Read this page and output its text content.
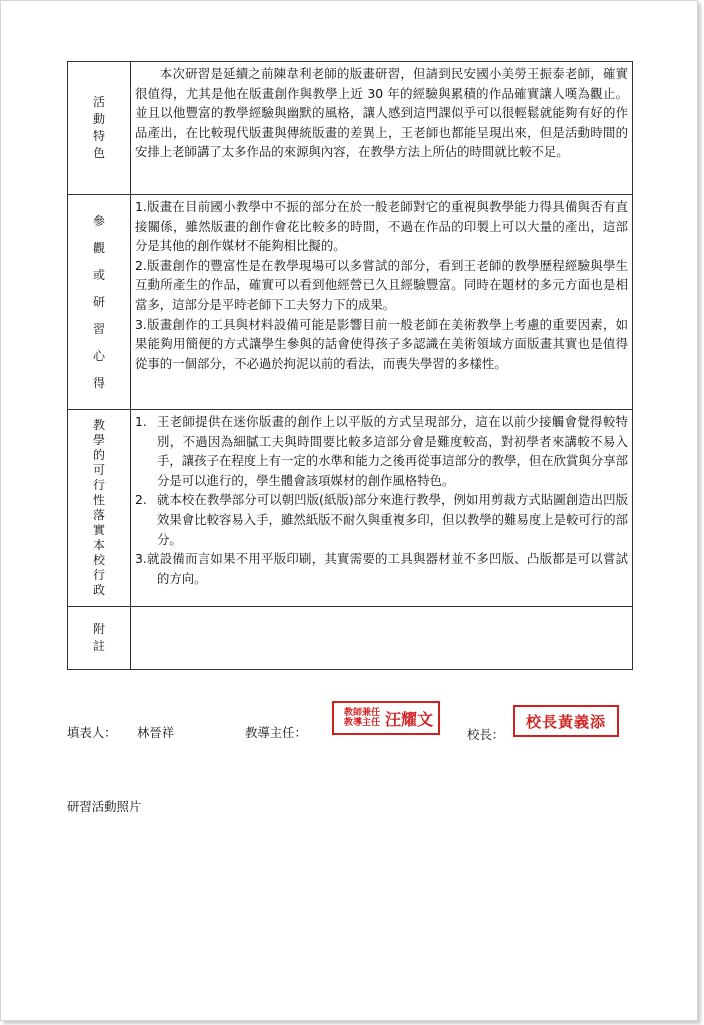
活動特色	本次研習是延續之前陳韋利老師的版畫研習，但請到民安國小美勞王振泰老師，確實很值得，尤其是他在版畫創作與教學上近 30 年的經驗與累積的作品確實讓人嘆為觀止。並且以他豐富的教學經驗與幽默的風格，讓人感到這門課似乎可以很輕鬆就能夠有好的作品產出，在比較現代版畫與傳統版畫的差異上，王老師也都能呈現出來，但是活動時間的安排上老師講了太多作品的來源與內容，在教學方法上所佔的時間就比較不足。

參觀或研習心得	1.版畫在目前國小教學中不振的部分在於一般老師對它的重視與教學能力得具備與否有直接關係，雖然版畫的創作會花比較多的時間，不過在作品的印製上可以大量的產出，這部分是其他的創作媒材不能夠相比擬的。

2.版畫創作的豐富性是在教學現場可以多嘗試的部分，看到王老師的教學歷程經驗與學生互動所產生的作品，確實可以看到他經營已久且經驗豐富。同時在題材的多元方面也是相當多，這部分是平時老師下工夫努力下的成果。

3.版畫創作的工具與材料設備可能是影響目前一般老師在美術教學上考慮的重要因素，如果能夠用簡便的方式讓學生參與的話會使得孩子多認識在美術領域方面版畫其實也是值得從事的一個部分，不必過於拘泥以前的看法，而喪失學習的多樣性。

教學的可行性落實本校行政	1. 王老師提供在迷你版畫的創作上以平版的方式呈現部分，這在以前少接觸會覺得較特別，不過因為細膩工夫與時間要比較多這部分會是難度較高，對初學者來講較不易入手，讓孩子在程度上有一定的水準和能力之後再從事這部分的教學，但在欣賞與分享部分是可以進行的，學生體會該項媒材的創作風格特色。
2. 就本校在教學部分可以朝凹版(紙版)部分來進行教學，例如用剪裁方式貼圖創造出凹版效果會比較容易入手，雖然紙版不耐久與重複多印，但以教學的難易度上是較可行的部分。

3.就設備而言如果不用平版印刷，其實需要的工具與器材並不多凹版、凸版都是可以嘗試的方向。

附註	
填表人： 林晉祥	教導主任：
教師兼任
教導主任 汪耀文
校長：
校長黃義添
研習活動照片
